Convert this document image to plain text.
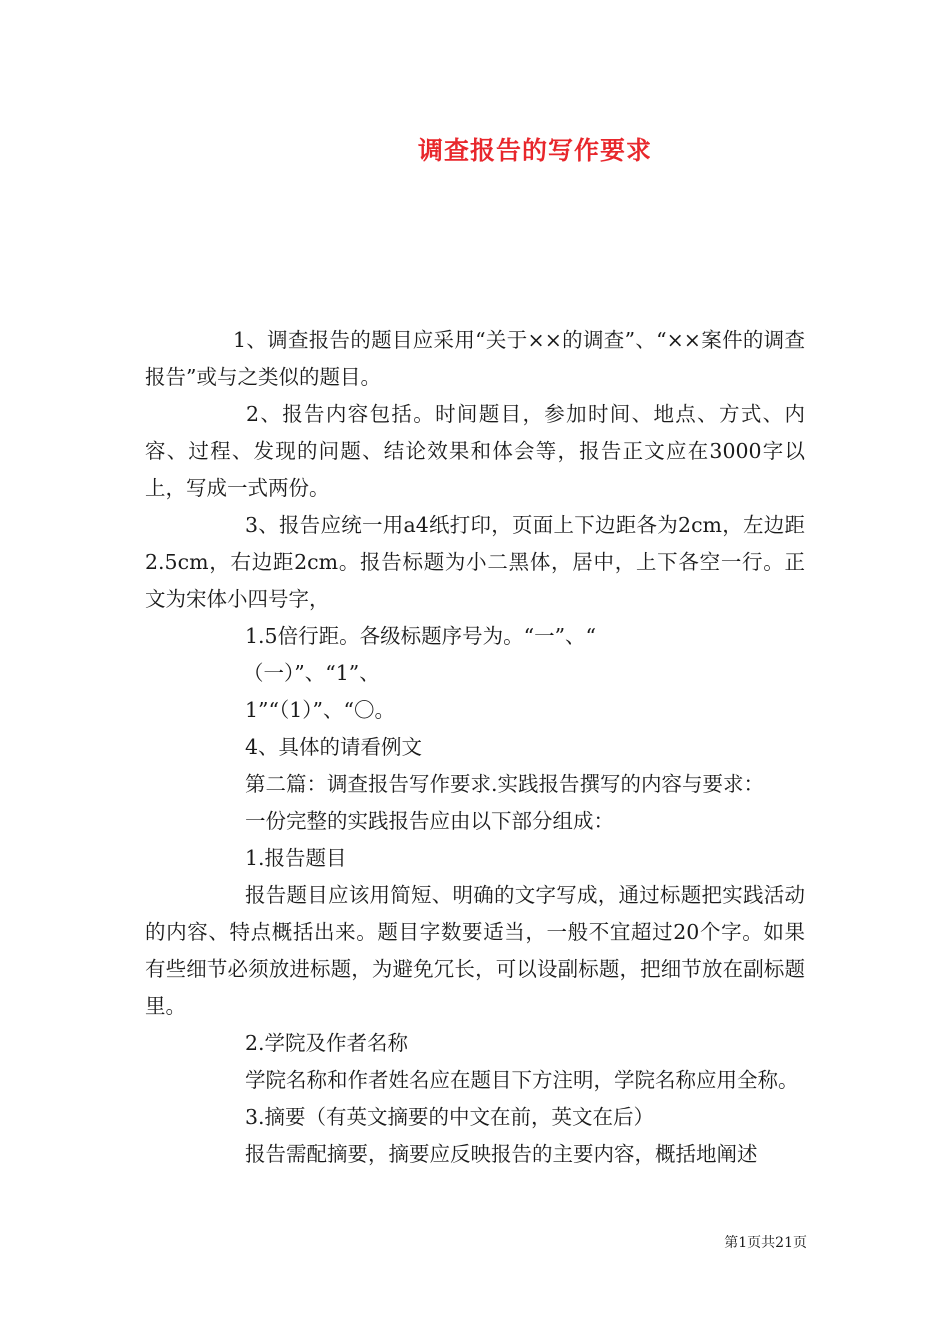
调查报告的写作要求

1、调查报告的题目应采用“关于××的调查”、“××案件的调查报告”或与之类似的题目。

2、报告内容包括。时间题目，参加时间、地点、方式、内容、过程、发现的问题、结论效果和体会等，报告正文应在3000字以上，写成一式两份。

3、报告应统一用a4纸打印，页面上下边距各为2cm，左边距2.5cm，右边距2cm。报告标题为小二黑体，居中，上下各空一行。正文为宋体小四号字，

1.5倍行距。各级标题序号为。“一”、“

（一）”、“1”、

1”“（1）”、“〇。

4、具体的请看例文

第二篇：调查报告写作要求.实践报告撰写的内容与要求：

一份完整的实践报告应由以下部分组成：

1.报告题目

报告题目应该用简短、明确的文字写成，通过标题把实践活动的内容、特点概括出来。题目字数要适当，一般不宜超过20个字。如果有些细节必须放进标题，为避免冗长，可以设副标题，把细节放在副标题里。

2.学院及作者名称

学院名称和作者姓名应在题目下方注明，学院名称应用全称。

3.摘要（有英文摘要的中文在前，英文在后）

报告需配摘要，摘要应反映报告的主要内容，概括地阐述

第1页共21页
